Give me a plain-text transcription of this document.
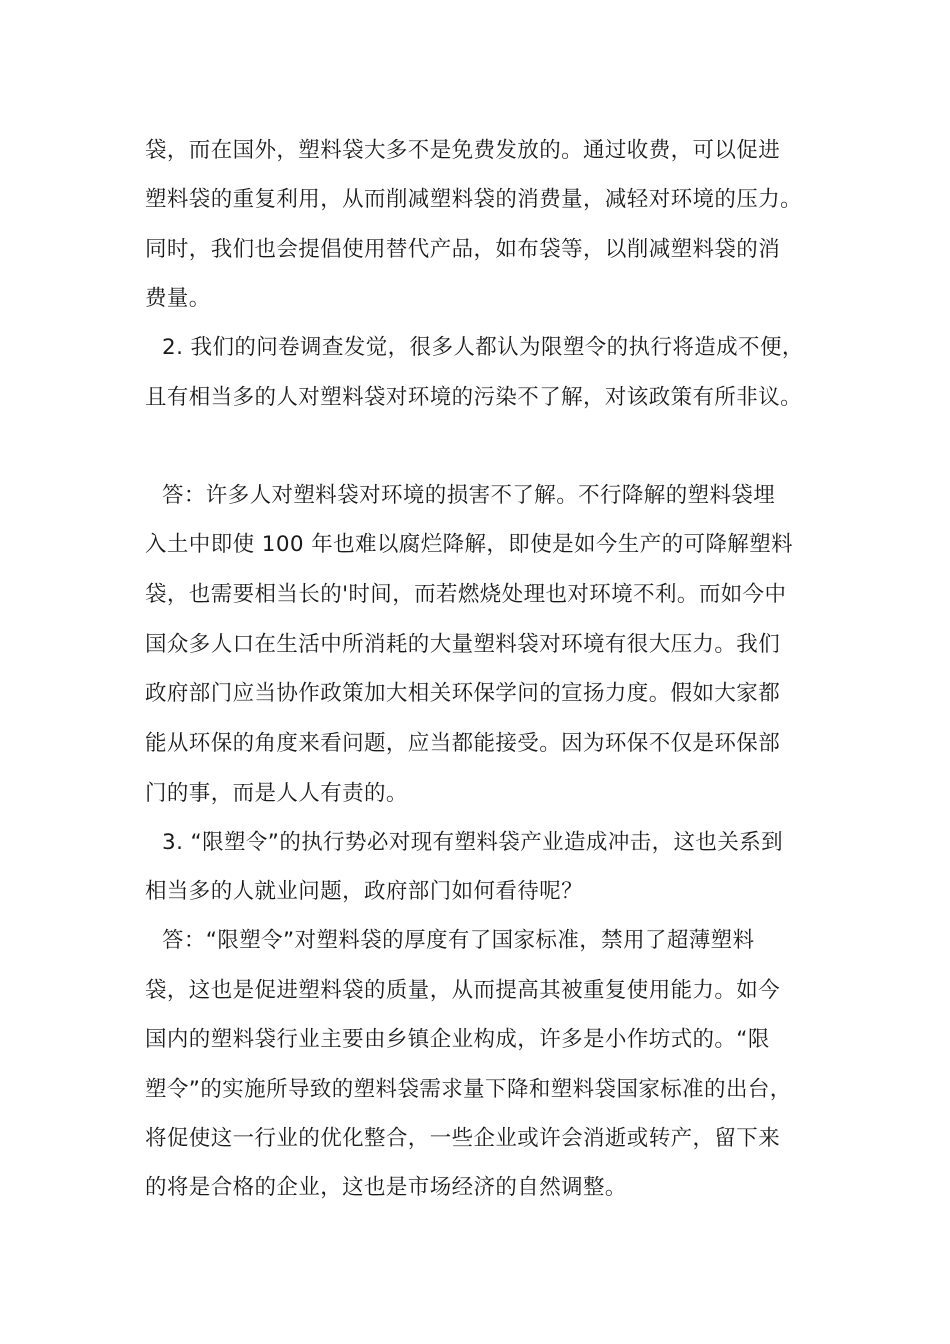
袋，而在国外，塑料袋大多不是免费发放的。通过收费，可以促进
塑料袋的重复利用，从而削减塑料袋的消费量，减轻对环境的压力。
同时，我们也会提倡使用替代产品，如布袋等，以削减塑料袋的消
费量。
2. 我们的问卷调查发觉，很多人都认为限塑令的执行将造成不便，
且有相当多的人对塑料袋对环境的污染不了解，对该政策有所非议。
答：许多人对塑料袋对环境的损害不了解。不行降解的塑料袋埋
入土中即使 100 年也难以腐烂降解，即使是如今生产的可降解塑料
袋，也需要相当长的'时间，而若燃烧处理也对环境不利。而如今中
国众多人口在生活中所消耗的大量塑料袋对环境有很大压力。我们
政府部门应当协作政策加大相关环保学问的宣扬力度。假如大家都
能从环保的角度来看问题，应当都能接受。因为环保不仅是环保部
门的事，而是人人有责的。
3. “限塑令”的执行势必对现有塑料袋产业造成冲击，这也关系到
相当多的人就业问题，政府部门如何看待呢？
答：“限塑令”对塑料袋的厚度有了国家标准，禁用了超薄塑料
袋，这也是促进塑料袋的质量，从而提高其被重复使用能力。如今
国内的塑料袋行业主要由乡镇企业构成，许多是小作坊式的。“限
塑令”的实施所导致的塑料袋需求量下降和塑料袋国家标准的出台，
将促使这一行业的优化整合，一些企业或许会消逝或转产，留下来
的将是合格的企业，这也是市场经济的自然调整。
